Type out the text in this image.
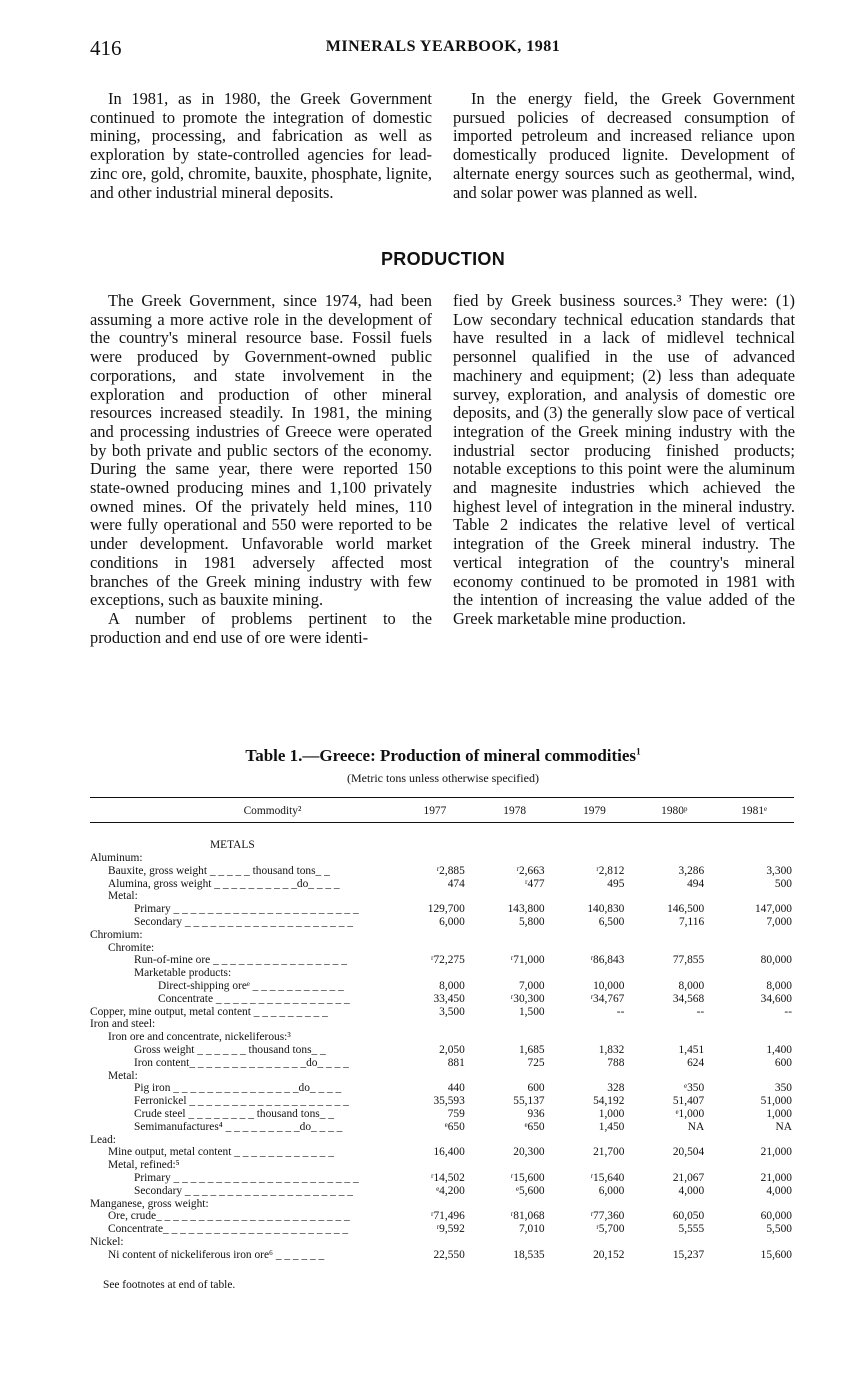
416	MINERALS YEARBOOK, 1981

In 1981, as in 1980, the Greek Government continued to promote the integration of domestic mining, processing, and fabrication as well as exploration by state-controlled agencies for lead-zinc ore, gold, chromite, bauxite, phosphate, lignite, and other industrial mineral deposits.

In the energy field, the Greek Government pursued policies of decreased consumption of imported petroleum and increased reliance upon domestically produced lignite. Development of alternate energy sources such as geothermal, wind, and solar power was planned as well.

PRODUCTION

The Greek Government, since 1974, had been assuming a more active role in the development of the country's mineral resource base. Fossil fuels were produced by Government-owned public corporations, and state involvement in the exploration and production of other mineral resources increased steadily. In 1981, the mining and processing industries of Greece were operated by both private and public sectors of the economy. During the same year, there were reported 150 state-owned producing mines and 1,100 privately owned mines. Of the privately held mines, 110 were fully operational and 550 were reported to be under development. Unfavorable world market conditions in 1981 adversely affected most branches of the Greek mining industry with few exceptions, such as bauxite mining.

A number of problems pertinent to the production and end use of ore were identi-

fied by Greek business sources.³ They were: (1) Low secondary technical education standards that have resulted in a lack of midlevel technical personnel qualified in the use of advanced machinery and equipment; (2) less than adequate survey, exploration, and analysis of domestic ore deposits, and (3) the generally slow pace of vertical integration of the Greek mining industry with the industrial sector producing finished products; notable exceptions to this point were the aluminum and magnesite industries which achieved the highest level of integration in the mineral industry. Table 2 indicates the relative level of vertical integration of the Greek mineral industry. The vertical integration of the country's mineral economy continued to be promoted in 1981 with the intention of increasing the value added of the Greek marketable mine production.

Table 1.—Greece: Production of mineral commodities$^1$
(Metric tons unless otherwise specified)
Commodity²	1977	1978	1979	1980ᵖ	1981ᵉ

METALS					
Aluminum:					
Bauxite, gross weight _ _ _ _ _ thousand tons_ _	ʳ2,885	ʳ2,663	ʳ2,812	3,286	3,300
Alumina, gross weight _ _ _ _ _ _ _ _ _ _do_ _ _ _	474	ʳ477	495	494	500
Metal:					
Primary _ _ _ _ _ _ _ _ _ _ _ _ _ _ _ _ _ _ _ _ _ _	129,700	143,800	140,830	146,500	147,000
Secondary _ _ _ _ _ _ _ _ _ _ _ _ _ _ _ _ _ _ _ _	6,000	5,800	6,500	7,116	7,000
Chromium:					
Chromite:					
Run-of-mine ore _ _ _ _ _ _ _ _ _ _ _ _ _ _ _ _	ʳ72,275	ʳ71,000	ʳ86,843	77,855	80,000
Marketable products:					
Direct-shipping oreᵉ _ _ _ _ _ _ _ _ _ _ _	8,000	7,000	10,000	8,000	8,000
Concentrate _ _ _ _ _ _ _ _ _ _ _ _ _ _ _ _	33,450	ʳ30,300	ʳ34,767	34,568	34,600
Copper, mine output, metal content _ _ _ _ _ _ _ _ _	3,500	1,500	--	--	--
Iron and steel:					
Iron ore and concentrate, nickeliferous:³					
Gross weight _ _ _ _ _ _ thousand tons_ _	2,050	1,685	1,832	1,451	1,400
Iron content_ _ _ _ _ _ _ _ _ _ _ _ _ _do_ _ _ _	881	725	788	624	600
Metal:					
Pig iron _ _ _ _ _ _ _ _ _ _ _ _ _ _ _do_ _ _ _	440	600	328	ᵉ350	350
Ferronickel _ _ _ _ _ _ _ _ _ _ _ _ _ _ _ _ _ _ _	35,593	55,137	54,192	51,407	51,000
Crude steel _ _ _ _ _ _ _ _ thousand tons_ _	759	936	1,000	ᵉ1,000	1,000
Semimanufactures⁴ _ _ _ _ _ _ _ _ _do_ _ _ _	ᵉ650	ᵉ650	1,450	NA	NA
Lead:					
Mine output, metal content _ _ _ _ _ _ _ _ _ _ _ _	16,400	20,300	21,700	20,504	21,000
Metal, refined:⁵					
Primary _ _ _ _ _ _ _ _ _ _ _ _ _ _ _ _ _ _ _ _ _ _	ʳ14,502	ʳ15,600	ʳ15,640	21,067	21,000
Secondary _ _ _ _ _ _ _ _ _ _ _ _ _ _ _ _ _ _ _ _	ᵉ4,200	ᵉ5,600	6,000	4,000	4,000
Manganese, gross weight:					
Ore, crude_ _ _ _ _ _ _ _ _ _ _ _ _ _ _ _ _ _ _ _ _ _ _	ʳ71,496	ʳ81,068	ʳ77,360	60,050	60,000
Concentrate_ _ _ _ _ _ _ _ _ _ _ _ _ _ _ _ _ _ _ _ _ _	ʳ9,592	7,010	ʳ5,700	5,555	5,500
Nickel:					
Ni content of nickeliferous iron ore⁶ _ _ _ _ _ _	22,550	18,535	20,152	15,237	15,600
See footnotes at end of table.
